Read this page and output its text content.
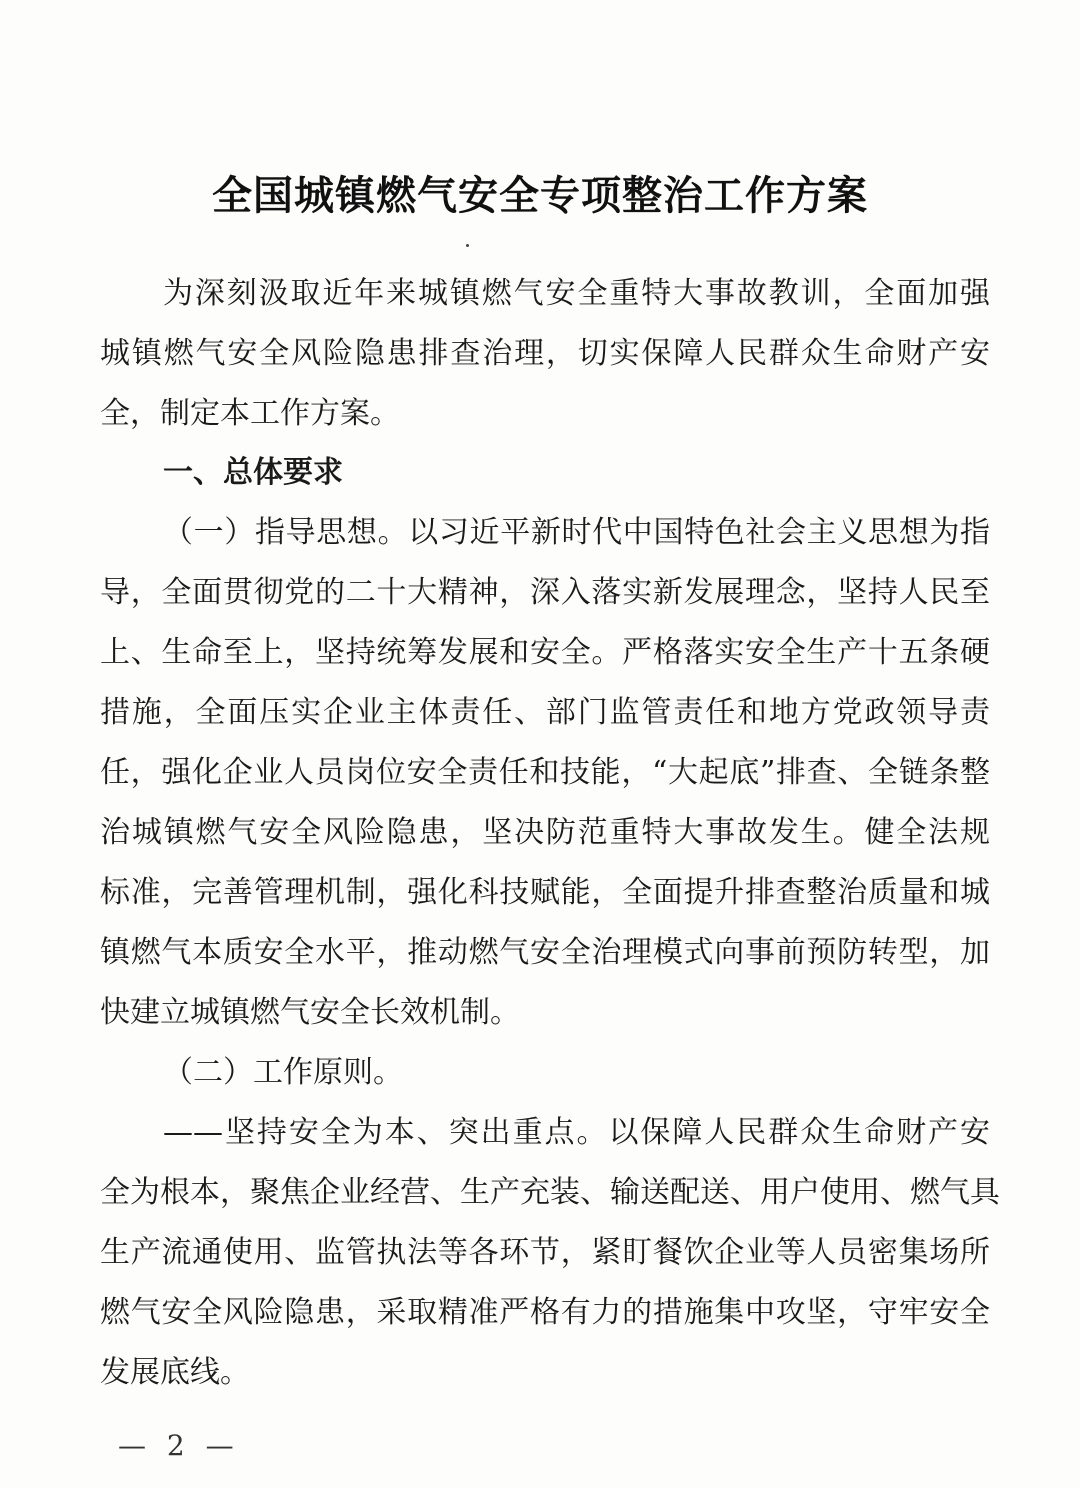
全国城镇燃气安全专项整治工作方案
为深刻汲取近年来城镇燃气安全重特大事故教训，全面加强
城镇燃气安全风险隐患排查治理，切实保障人民群众生命财产安
全，制定本工作方案。
一、总体要求
（一）指导思想。以习近平新时代中国特色社会主义思想为指
导，全面贯彻党的二十大精神，深入落实新发展理念，坚持人民至
上、生命至上，坚持统筹发展和安全。严格落实安全生产十五条硬
措施，全面压实企业主体责任、部门监管责任和地方党政领导责
任，强化企业人员岗位安全责任和技能，“大起底”排查、全链条整
治城镇燃气安全风险隐患，坚决防范重特大事故发生。健全法规
标准，完善管理机制，强化科技赋能，全面提升排查整治质量和城
镇燃气本质安全水平，推动燃气安全治理模式向事前预防转型，加
快建立城镇燃气安全长效机制。
（二）工作原则。
——坚持安全为本、突出重点。以保障人民群众生命财产安
全为根本，聚焦企业经营、生产充装、输送配送、用户使用、燃气具
生产流通使用、监管执法等各环节，紧盯餐饮企业等人员密集场所
燃气安全风险隐患，采取精准严格有力的措施集中攻坚，守牢安全
发展底线。
— 2 —
